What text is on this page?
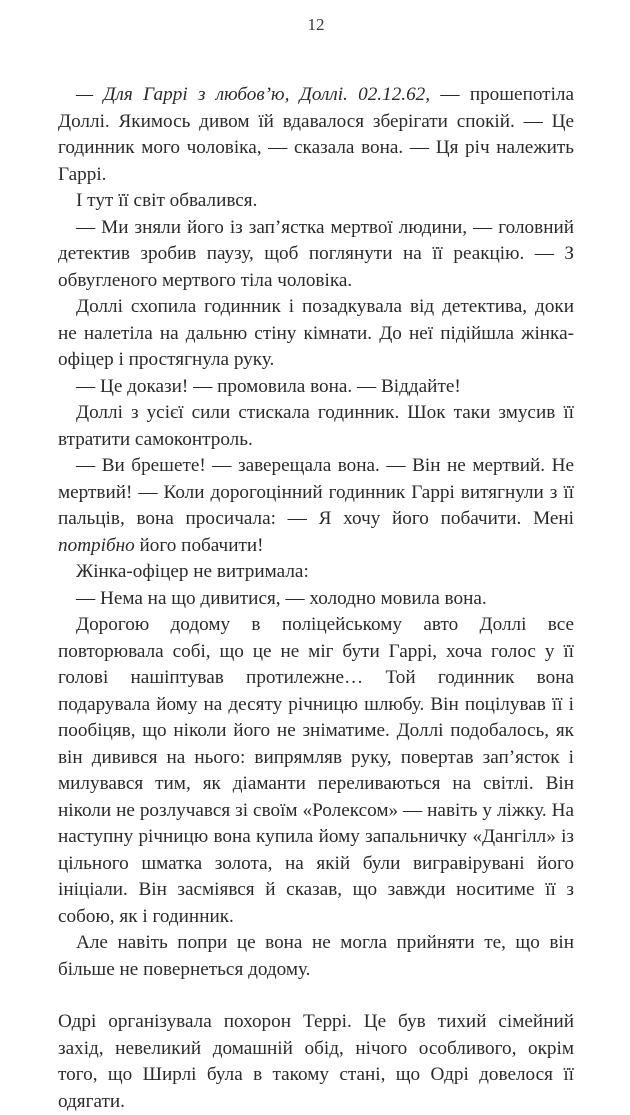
12

— Для Гаррі з любов’ю, Доллі. 02.12.62, — прошепотіла Доллі. Якимось дивом їй вдавалося зберігати спокій. — Це годинник мого чоловіка, — сказала вона. — Ця річ належить Гаррі.

І тут її світ обвалився.

— Ми зняли його із зап’ястка мертвої людини, — головний детектив зробив паузу, щоб поглянути на її реакцію. — З обвугленого мертвого тіла чоловіка.

Доллі схопила годинник і позадкувала від детектива, доки не налетіла на дальню стіну кімнати. До неї підійшла жінка-офіцер і простягнула руку.

— Це докази! — промовила вона. — Віддайте!

Доллі з усієї сили стискала годинник. Шок таки змусив її втратити самоконтроль.

— Ви брешете! — заверещала вона. — Він не мертвий. Не мертвий! — Коли дорогоцінний годинник Гаррі витягнули з її пальців, вона просичала: — Я хочу його побачити. Мені потрібно його побачити!

Жінка-офіцер не витримала:

— Нема на що дивитися, — холодно мовила вона.

Дорогою додому в поліцейському авто Доллі все повторювала собі, що це не міг бути Гаррі, хоча голос у її голові нашіптував протилежне… Той годинник вона подарувала йому на десяту річницю шлюбу. Він поцілував її і пообіцяв, що ніколи його не зніматиме. Доллі подобалось, як він дивився на нього: випрямляв руку, повертав зап’ясток і милувався тим, як діаманти переливаються на світлі. Він ніколи не розлучався зі своїм «Ролексом» — навіть у ліжку. На наступну річницю вона купила йому запальничку «Дангілл» із цільного шматка золота, на якій були вигравірувані його ініціали. Він засміявся й сказав, що завжди носитиме її з собою, як і годинник.

Але навіть попри це вона не могла прийняти те, що він більше не повернеться додому.

Одрі організувала похорон Террі. Це був тихий сімейний захід, невеликий домашній обід, нічого особливого, окрім того, що Ширлі була в такому стані, що Одрі довелося її одягати.
